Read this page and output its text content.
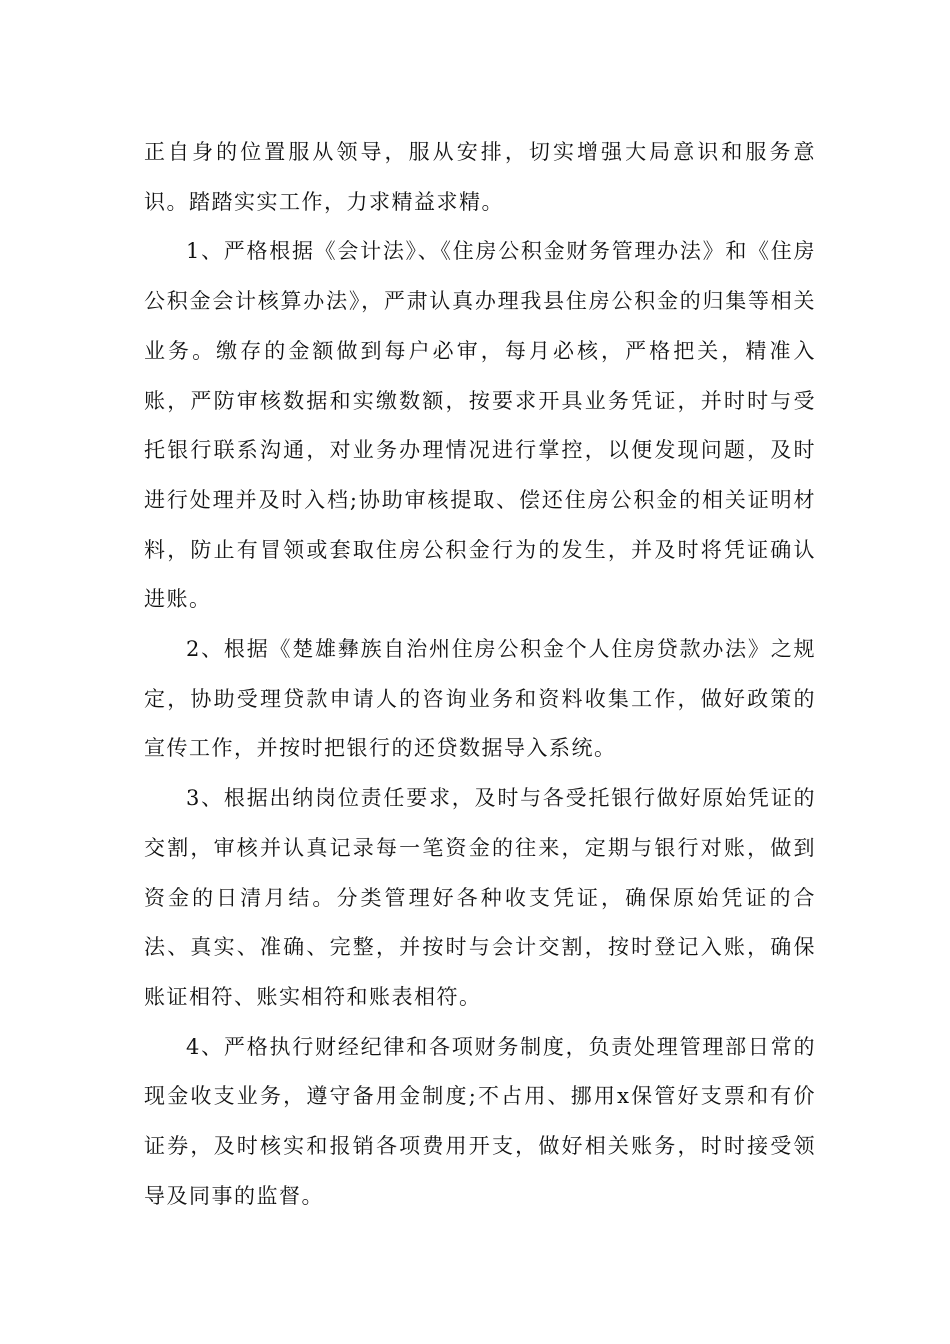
正自身的位置服从领导，服从安排，切实增强大局意识和服务意识。踏踏实实工作，力求精益求精。

1、严格根据《会计法》、《住房公积金财务管理办法》和《住房公积金会计核算办法》，严肃认真办理我县住房公积金的归集等相关业务。缴存的金额做到每户必审，每月必核，严格把关，精准入账，严防审核数据和实缴数额，按要求开具业务凭证，并时时与受托银行联系沟通，对业务办理情况进行掌控，以便发现问题，及时进行处理并及时入档;协助审核提取、偿还住房公积金的相关证明材料，防止有冒领或套取住房公积金行为的发生，并及时将凭证确认进账。

2、根据《楚雄彝族自治州住房公积金个人住房贷款办法》之规定，协助受理贷款申请人的咨询业务和资料收集工作，做好政策的宣传工作，并按时把银行的还贷数据导入系统。

3、根据出纳岗位责任要求，及时与各受托银行做好原始凭证的交割，审核并认真记录每一笔资金的往来，定期与银行对账，做到资金的日清月结。分类管理好各种收支凭证，确保原始凭证的合法、真实、准确、完整，并按时与会计交割，按时登记入账，确保账证相符、账实相符和账表相符。

4、严格执行财经纪律和各项财务制度，负责处理管理部日常的现金收支业务，遵守备用金制度;不占用、挪用x保管好支票和有价证券，及时核实和报销各项费用开支，做好相关账务，时时接受领导及同事的监督。
